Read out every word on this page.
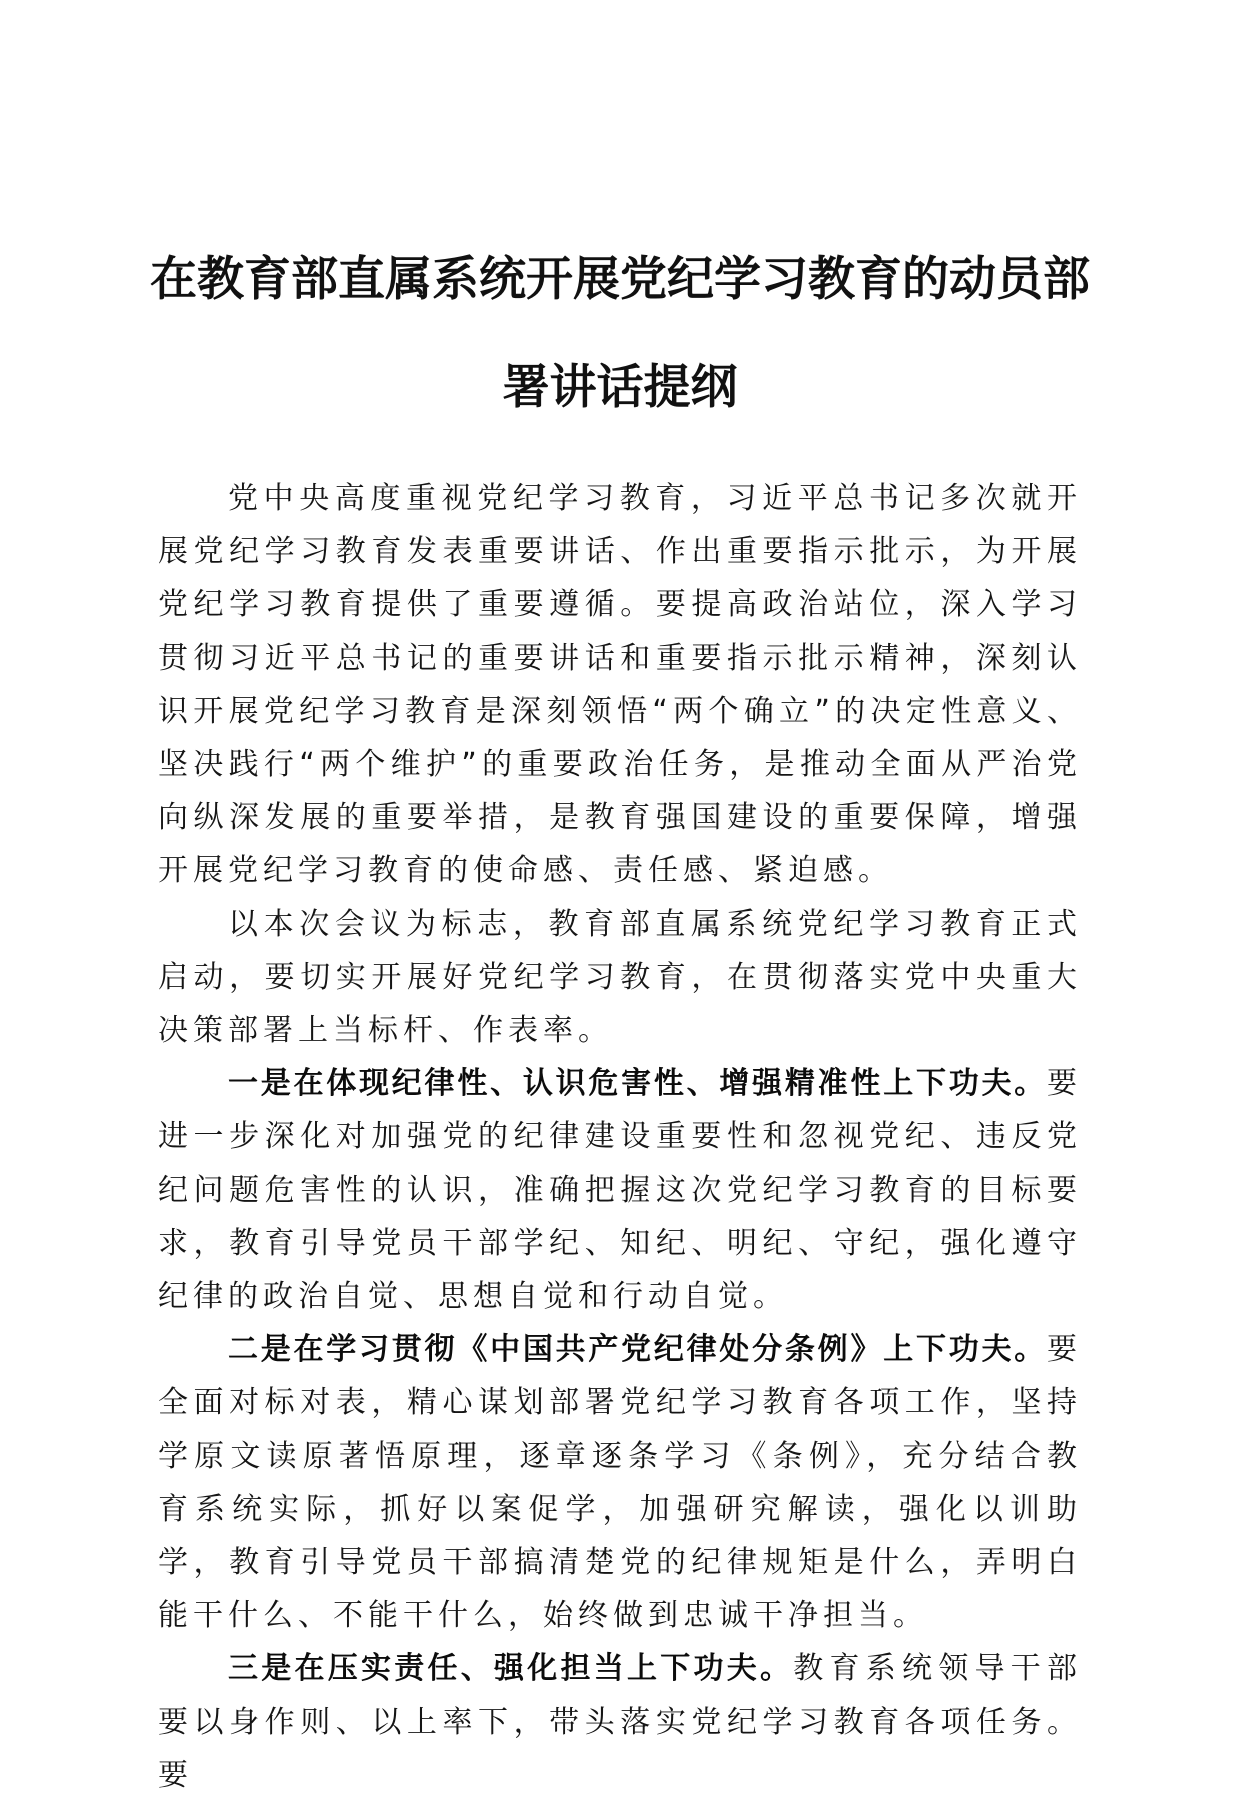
在教育部直属系统开展党纪学习教育的动员部署讲话提纲

党中央高度重视党纪学习教育，习近平总书记多次就开展党纪学习教育发表重要讲话、作出重要指示批示，为开展党纪学习教育提供了重要遵循。要提高政治站位，深入学习贯彻习近平总书记的重要讲话和重要指示批示精神，深刻认识开展党纪学习教育是深刻领悟“两个确立”的决定性意义、坚决践行“两个维护”的重要政治任务，是推动全面从严治党向纵深发展的重要举措，是教育强国建设的重要保障，增强开展党纪学习教育的使命感、责任感、紧迫感。

以本次会议为标志，教育部直属系统党纪学习教育正式启动，要切实开展好党纪学习教育，在贯彻落实党中央重大决策部署上当标杆、作表率。

一是在体现纪律性、认识危害性、增强精准性上下功夫。要进一步深化对加强党的纪律建设重要性和忽视党纪、违反党纪问题危害性的认识，准确把握这次党纪学习教育的目标要求，教育引导党员干部学纪、知纪、明纪、守纪，强化遵守纪律的政治自觉、思想自觉和行动自觉。

二是在学习贯彻《中国共产党纪律处分条例》上下功夫。要全面对标对表，精心谋划部署党纪学习教育各项工作，坚持学原文读原著悟原理，逐章逐条学习《条例》，充分结合教育系统实际，抓好以案促学，加强研究解读，强化以训助学，教育引导党员干部搞清楚党的纪律规矩是什么，弄明白能干什么、不能干什么，始终做到忠诚干净担当。

三是在压实责任、强化担当上下功夫。教育系统领导干部要以身作则、以上率下，带头落实党纪学习教育各项任务。要
